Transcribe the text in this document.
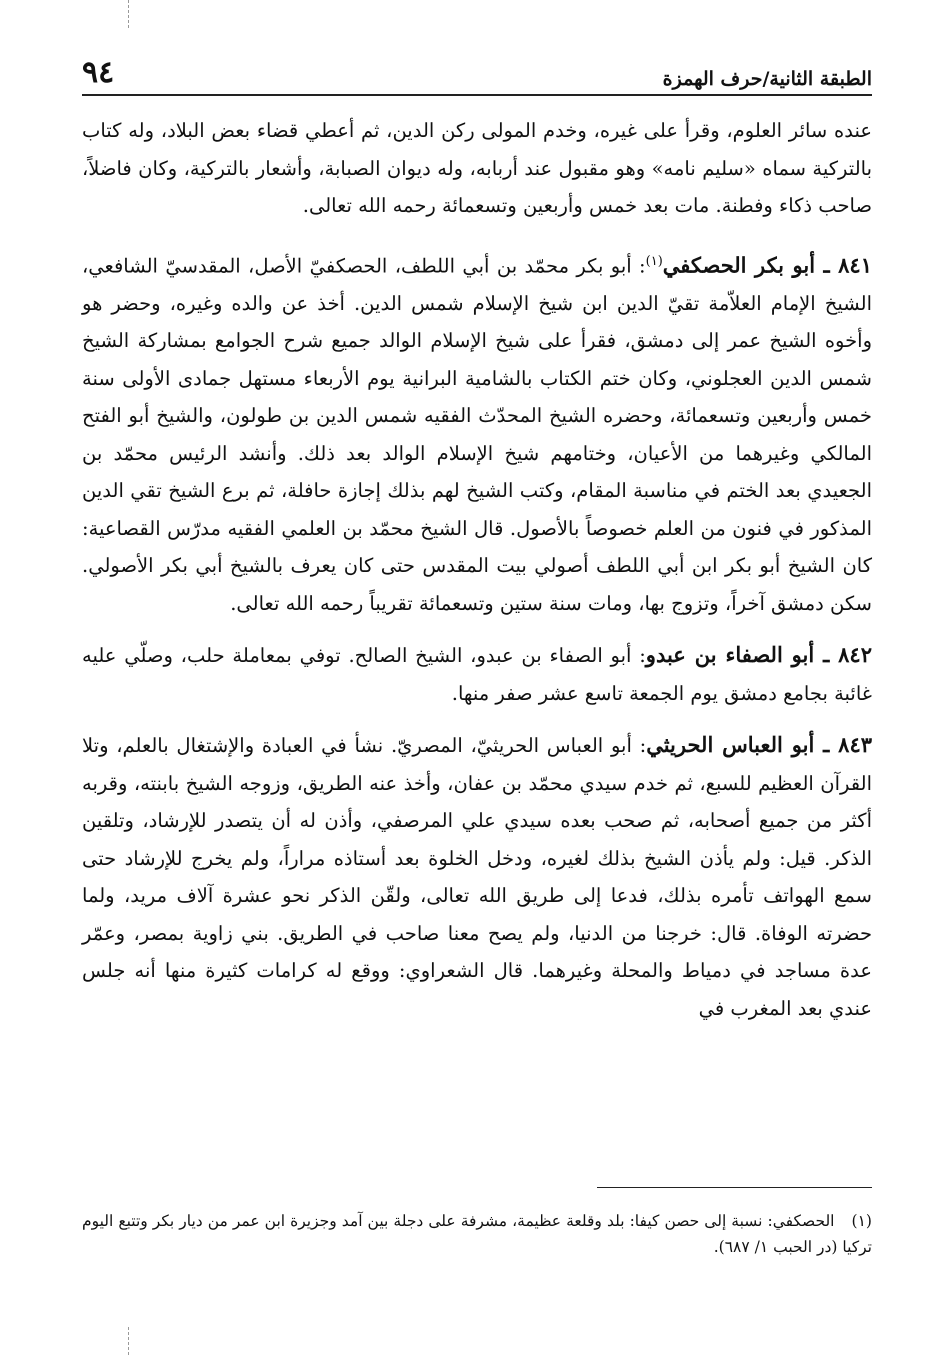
الطبقة الثانية/حرف الهمزة
٩٤

عنده سائر العلوم، وقرأ على غيره، وخدم المولى ركن الدين، ثم أعطي قضاء بعض البلاد، وله كتاب بالتركية سماه «سليم نامه» وهو مقبول عند أربابه، وله ديوان الصبابة، وأشعار بالتركية، وكان فاضلاً، صاحب ذكاء وفطنة. مات بعد خمس وأربعين وتسعمائة رحمه الله تعالى.

٨٤١ ـ أبو بكر الحصكفي$^{(١)}$: أبو بكر محمّد بن أبي اللطف، الحصكفيّ الأصل، المقدسيّ الشافعي، الشيخ الإمام العلاّمة تقيّ الدين ابن شيخ الإسلام شمس الدين. أخذ عن والده وغيره، وحضر هو وأخوه الشيخ عمر إلى دمشق، فقرأ على شيخ الإسلام الوالد جميع شرح الجوامع بمشاركة الشيخ شمس الدين العجلوني، وكان ختم الكتاب بالشامية البرانية يوم الأربعاء مستهل جمادى الأولى سنة خمس وأربعين وتسعمائة، وحضره الشيخ المحدّث الفقيه شمس الدين بن طولون، والشيخ أبو الفتح المالكي وغيرهما من الأعيان، وختامهم شيخ الإسلام الوالد بعد ذلك. وأنشد الرئيس محمّد بن الجعيدي بعد الختم في مناسبة المقام، وكتب الشيخ لهم بذلك إجازة حافلة، ثم برع الشيخ تقي الدين المذكور في فنون من العلم خصوصاً بالأصول. قال الشيخ محمّد بن العلمي الفقيه مدرّس القصاعية: كان الشيخ أبو بكر ابن أبي اللطف أصولي بيت المقدس حتى كان يعرف بالشيخ أبي بكر الأصولي. سكن دمشق آخراً، وتزوج بها، ومات سنة ستين وتسعمائة تقريباً رحمه الله تعالى.

٨٤٢ ـ أبو الصفاء بن عبدو: أبو الصفاء بن عبدو، الشيخ الصالح. توفي بمعاملة حلب، وصلّي عليه غائبة بجامع دمشق يوم الجمعة تاسع عشر صفر منها.

٨٤٣ ـ أبو العباس الحريثي: أبو العباس الحريثيّ، المصريّ. نشأ في العبادة والإشتغال بالعلم، وتلا القرآن العظيم للسبع، ثم خدم سيدي محمّد بن عفان، وأخذ عنه الطريق، وزوجه الشيخ بابنته، وقربه أكثر من جميع أصحابه، ثم صحب بعده سيدي علي المرصفي، وأذن له أن يتصدر للإرشاد، وتلقين الذكر. قيل: ولم يأذن الشيخ بذلك لغيره، ودخل الخلوة بعد أستاذه مراراً، ولم يخرج للإرشاد حتى سمع الهواتف تأمره بذلك، فدعا إلى طريق الله تعالى، ولقّن الذكر نحو عشرة آلاف مريد، ولما حضرته الوفاة. قال: خرجنا من الدنيا، ولم يصح معنا صاحب في الطريق. بني زاوية بمصر، وعمّر عدة مساجد في دمياط والمحلة وغيرهما. قال الشعراوي: ووقع له كرامات كثيرة منها أنه جلس عندي بعد المغرب في

(١) الحصكفي: نسبة إلى حصن كيفا: بلد وقلعة عظيمة، مشرفة على دجلة بين آمد وجزيرة ابن عمر من ديار بكر وتتبع اليوم تركيا (در الحبب ١/ ٦٨٧).
